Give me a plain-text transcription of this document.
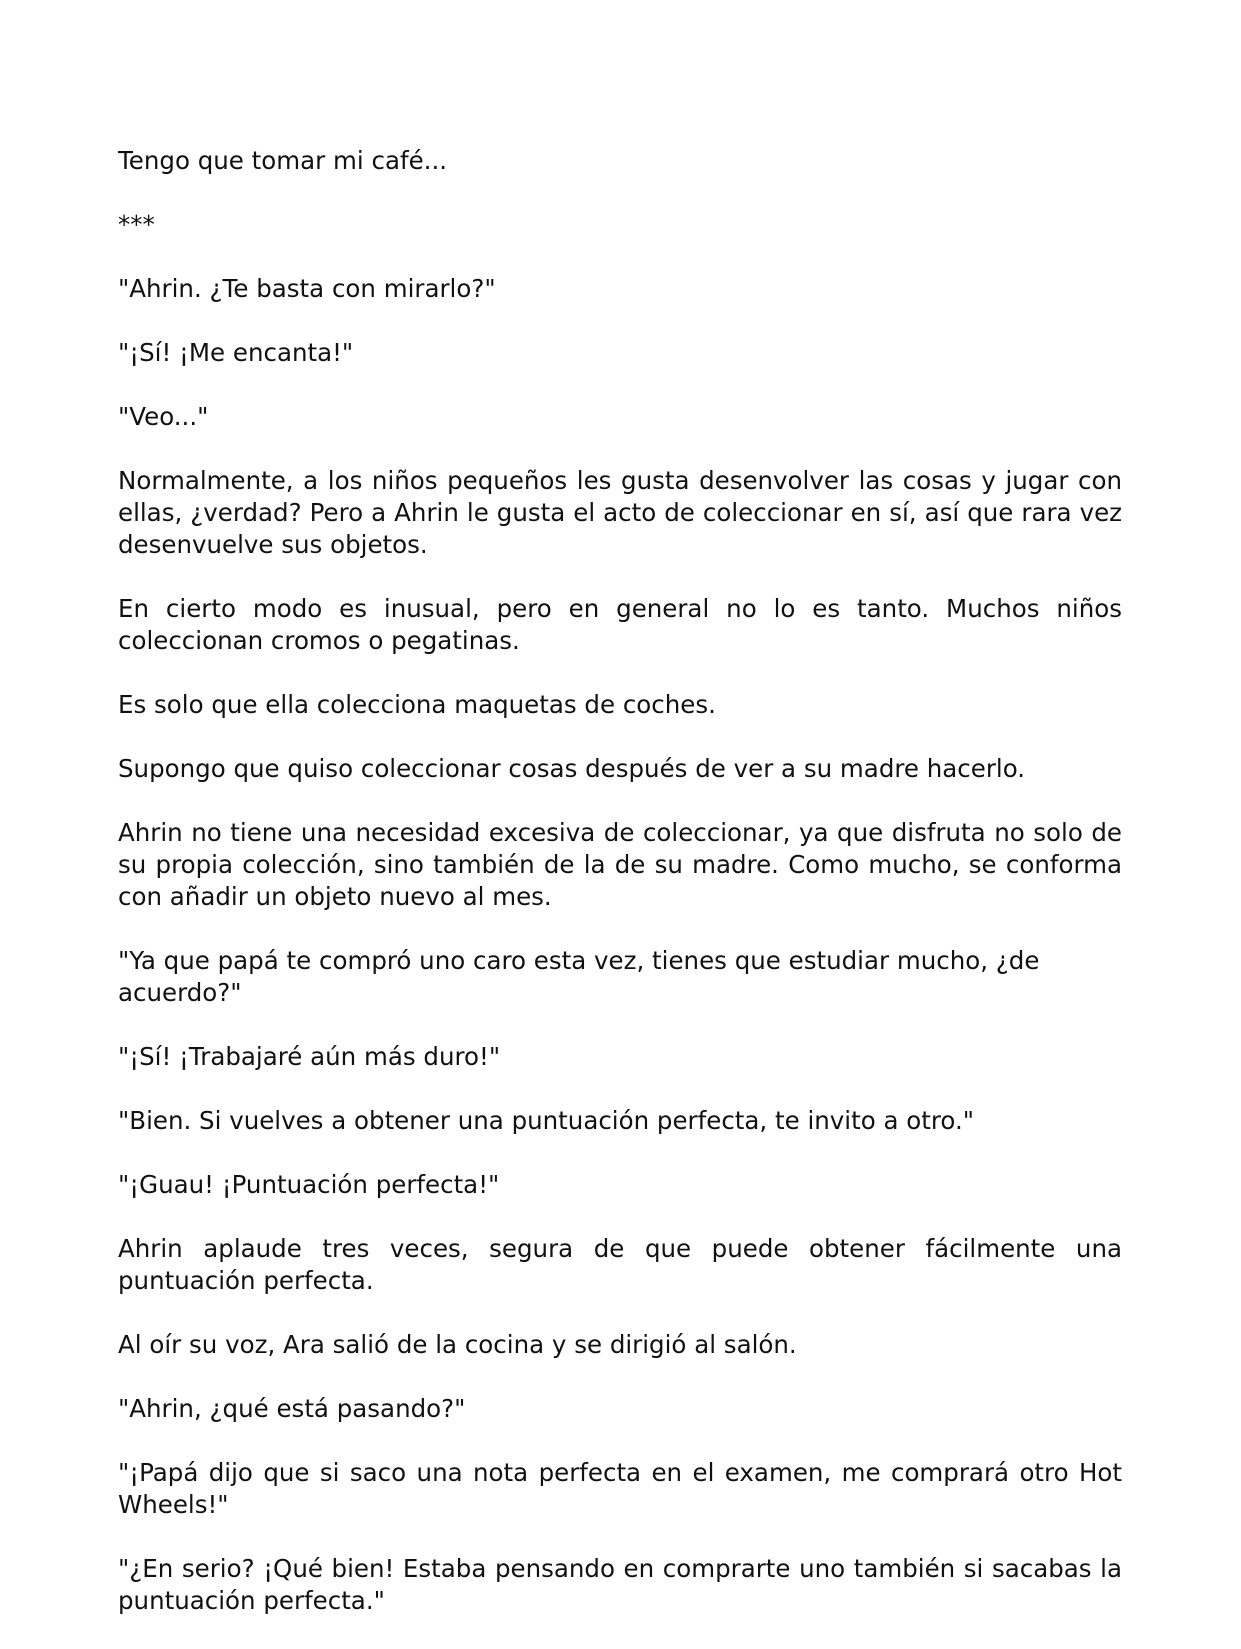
Tengo que tomar mi café...

***

"Ahrin. ¿Te basta con mirarlo?"

"¡Sí! ¡Me encanta!"

"Veo..."

Normalmente, a los niños pequeños les gusta desenvolver las cosas y jugar con ellas, ¿verdad? Pero a Ahrin le gusta el acto de coleccionar en sí, así que rara vez desenvuelve sus objetos.

En cierto modo es inusual, pero en general no lo es tanto. Muchos niños coleccionan cromos o pegatinas.

Es solo que ella colecciona maquetas de coches.

Supongo que quiso coleccionar cosas después de ver a su madre hacerlo.

Ahrin no tiene una necesidad excesiva de coleccionar, ya que disfruta no solo de su propia colección, sino también de la de su madre. Como mucho, se conforma con añadir un objeto nuevo al mes.

"Ya que papá te compró uno caro esta vez, tienes que estudiar mucho, ¿de acuerdo?"

"¡Sí! ¡Trabajaré aún más duro!"

"Bien. Si vuelves a obtener una puntuación perfecta, te invito a otro."

"¡Guau! ¡Puntuación perfecta!"

Ahrin aplaude tres veces, segura de que puede obtener fácilmente una puntuación perfecta.

Al oír su voz, Ara salió de la cocina y se dirigió al salón.

"Ahrin, ¿qué está pasando?"

"¡Papá dijo que si saco una nota perfecta en el examen, me comprará otro Hot Wheels!"

"¿En serio? ¡Qué bien! Estaba pensando en comprarte uno también si sacabas la puntuación perfecta."
